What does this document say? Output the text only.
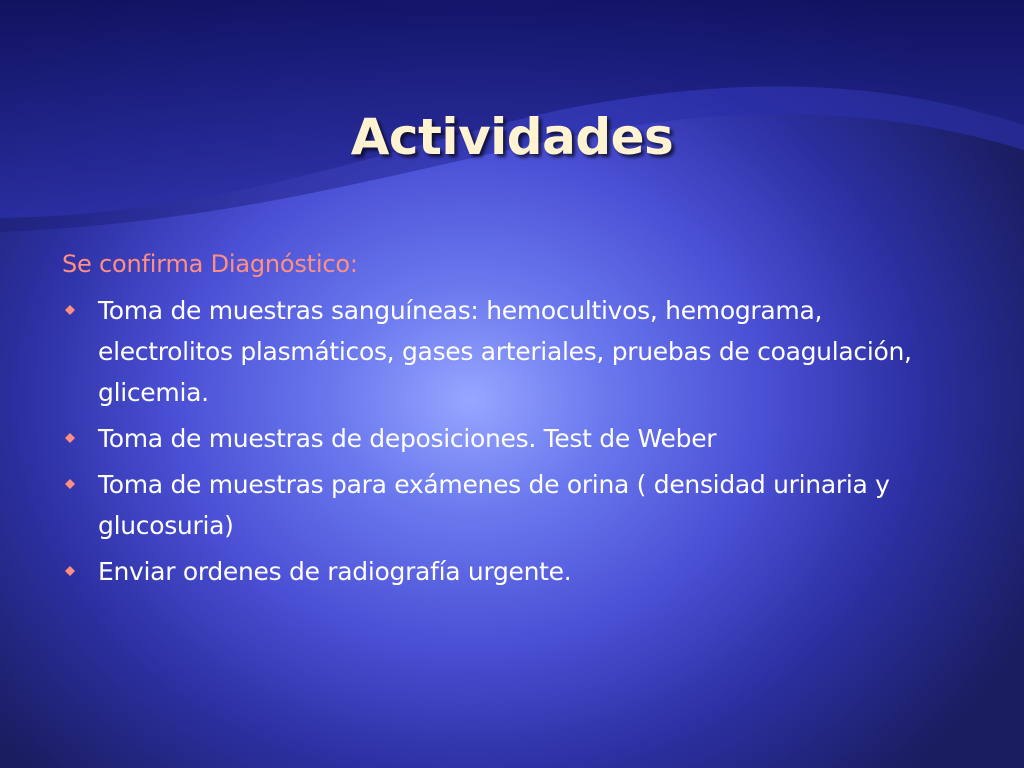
Actividades

Se confirma Diagnóstico:

Toma de muestras sanguíneas: hemocultivos, hemograma, electrolitos plasmáticos, gases arteriales, pruebas de coagulación, glicemia.
Toma de muestras de deposiciones. Test de Weber
Toma de muestras para exámenes de orina ( densidad urinaria y glucosuria)
Enviar ordenes de radiografía urgente.
